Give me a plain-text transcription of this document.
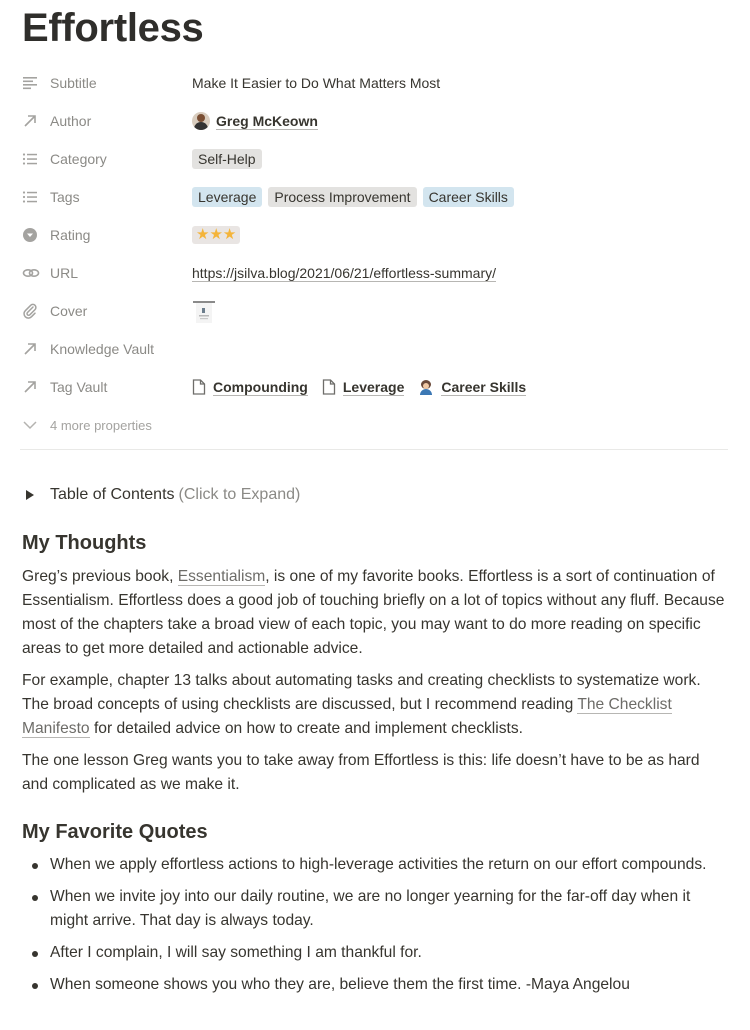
Effortless
Subtitle	Make It Easier to Do What Matters Most
Author	Greg McKeown
Category	Self-Help
Tags	Leverage	Process Improvement	Career Skills
Rating	★★★
URL	https://jsilva.blog/2021/06/21/effortless-summary/
Cover
Knowledge Vault
Tag Vault	Compounding	Leverage	Career Skills
4 more properties
Table of Contents (Click to Expand)
My Thoughts

Greg’s previous book, Essentialism, is one of my favorite books. Effortless is a sort of continuation of Essentialism. Effortless does a good job of touching briefly on a lot of topics without any fluff. Because most of the chapters take a broad view of each topic, you may want to do more reading on specific areas to get more detailed and actionable advice.

For example, chapter 13 talks about automating tasks and creating checklists to systematize work. The broad concepts of using checklists are discussed, but I recommend reading The Checklist Manifesto for detailed advice on how to create and implement checklists.

The one lesson Greg wants you to take away from Effortless is this: life doesn’t have to be as hard and complicated as we make it.

My Favorite Quotes
When we apply effortless actions to high-leverage activities the return on our effort compounds.
When we invite joy into our daily routine, we are no longer yearning for the far-off day when it might arrive. That day is always today.
After I complain, I will say something I am thankful for.
When someone shows you who they are, believe them the first time. -Maya Angelou
